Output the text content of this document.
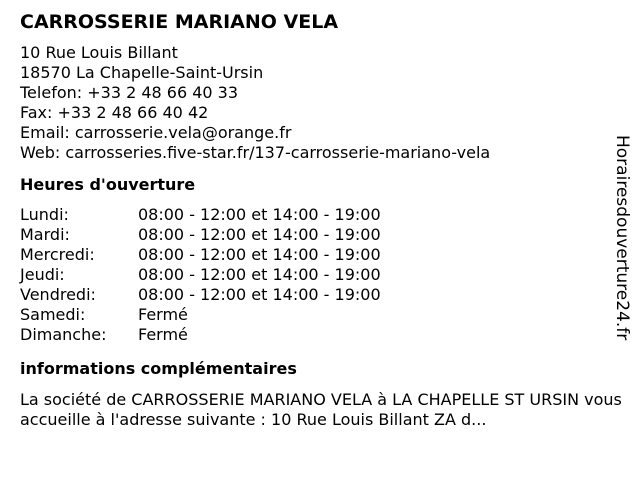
CARROSSERIE MARIANO VELA
10 Rue Louis Billant
18570 La Chapelle-Saint-Ursin
Telefon: +33 2 48 66 40 33
Fax: +33 2 48 66 40 42
Email: carrosserie.vela@orange.fr
Web: carrosseries.five-star.fr/137-carrosserie-mariano-vela
Heures d'ouverture
Lundi:	08:00 - 12:00 et 14:00 - 19:00
Mardi:	08:00 - 12:00 et 14:00 - 19:00
Mercredi:	08:00 - 12:00 et 14:00 - 19:00
Jeudi:	08:00 - 12:00 et 14:00 - 19:00
Vendredi:	08:00 - 12:00 et 14:00 - 19:00
Samedi:	Fermé
Dimanche:	Fermé
informations complémentaires
La société de CARROSSERIE MARIANO VELA à LA CHAPELLE ST URSIN vous accueille à l'adresse suivante : 10 Rue Louis Billant ZA d...
Horairesdouverture24.fr
